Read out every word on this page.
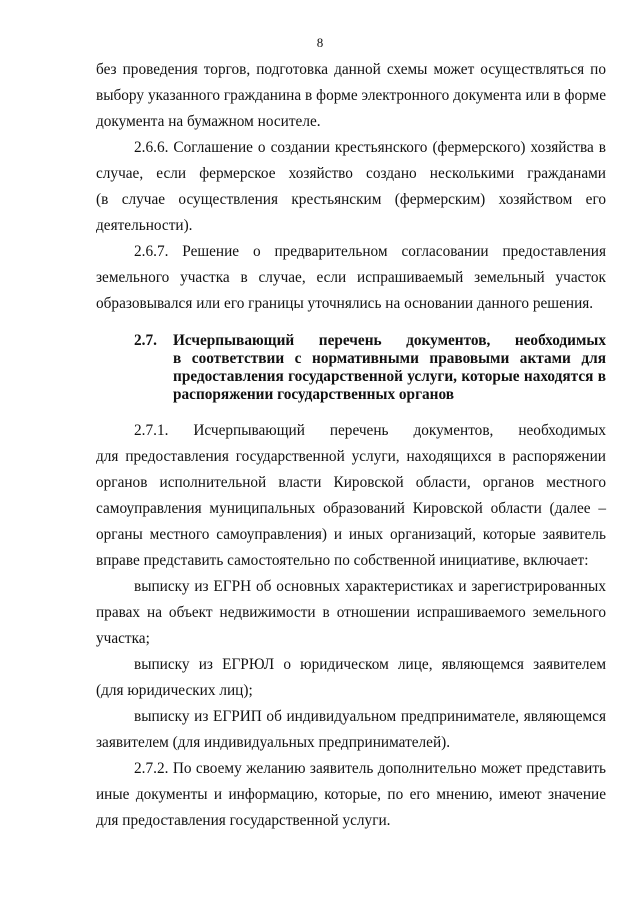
8
без проведения торгов, подготовка данной схемы может осуществляться по
выбору указанного гражданина в форме электронного документа или в форме
документа на бумажном носителе.
2.6.6. Соглашение о создании крестьянского (фермерского) хозяйства в
случае, если фермерское хозяйство создано несколькими гражданами
(в случае осуществления крестьянским (фермерским) хозяйством его
деятельности).
2.6.7. Решение о предварительном согласовании предоставления
земельного участка в случае, если испрашиваемый земельный участок
образовывался или его границы уточнялись на основании данного решения.
2.7.	Исчерпывающий перечень документов, необходимых
в соответствии с нормативными правовыми актами для
предоставления государственной услуги, которые находятся в
распоряжении государственных органов
2.7.1. Исчерпывающий перечень документов, необходимых
для предоставления государственной услуги, находящихся в распоряжении
органов исполнительной власти Кировской области, органов местного
самоуправления муниципальных образований Кировской области (далее –
органы местного самоуправления) и иных организаций, которые заявитель
вправе представить самостоятельно по собственной инициативе, включает:
выписку из ЕГРН об основных характеристиках и зарегистрированных
правах на объект недвижимости в отношении испрашиваемого земельного
участка;
выписку из ЕГРЮЛ о юридическом лице, являющемся заявителем
(для юридических лиц);
выписку из ЕГРИП об индивидуальном предпринимателе, являющемся
заявителем (для индивидуальных предпринимателей).
2.7.2. По своему желанию заявитель дополнительно может представить
иные документы и информацию, которые, по его мнению, имеют значение
для предоставления государственной услуги.
